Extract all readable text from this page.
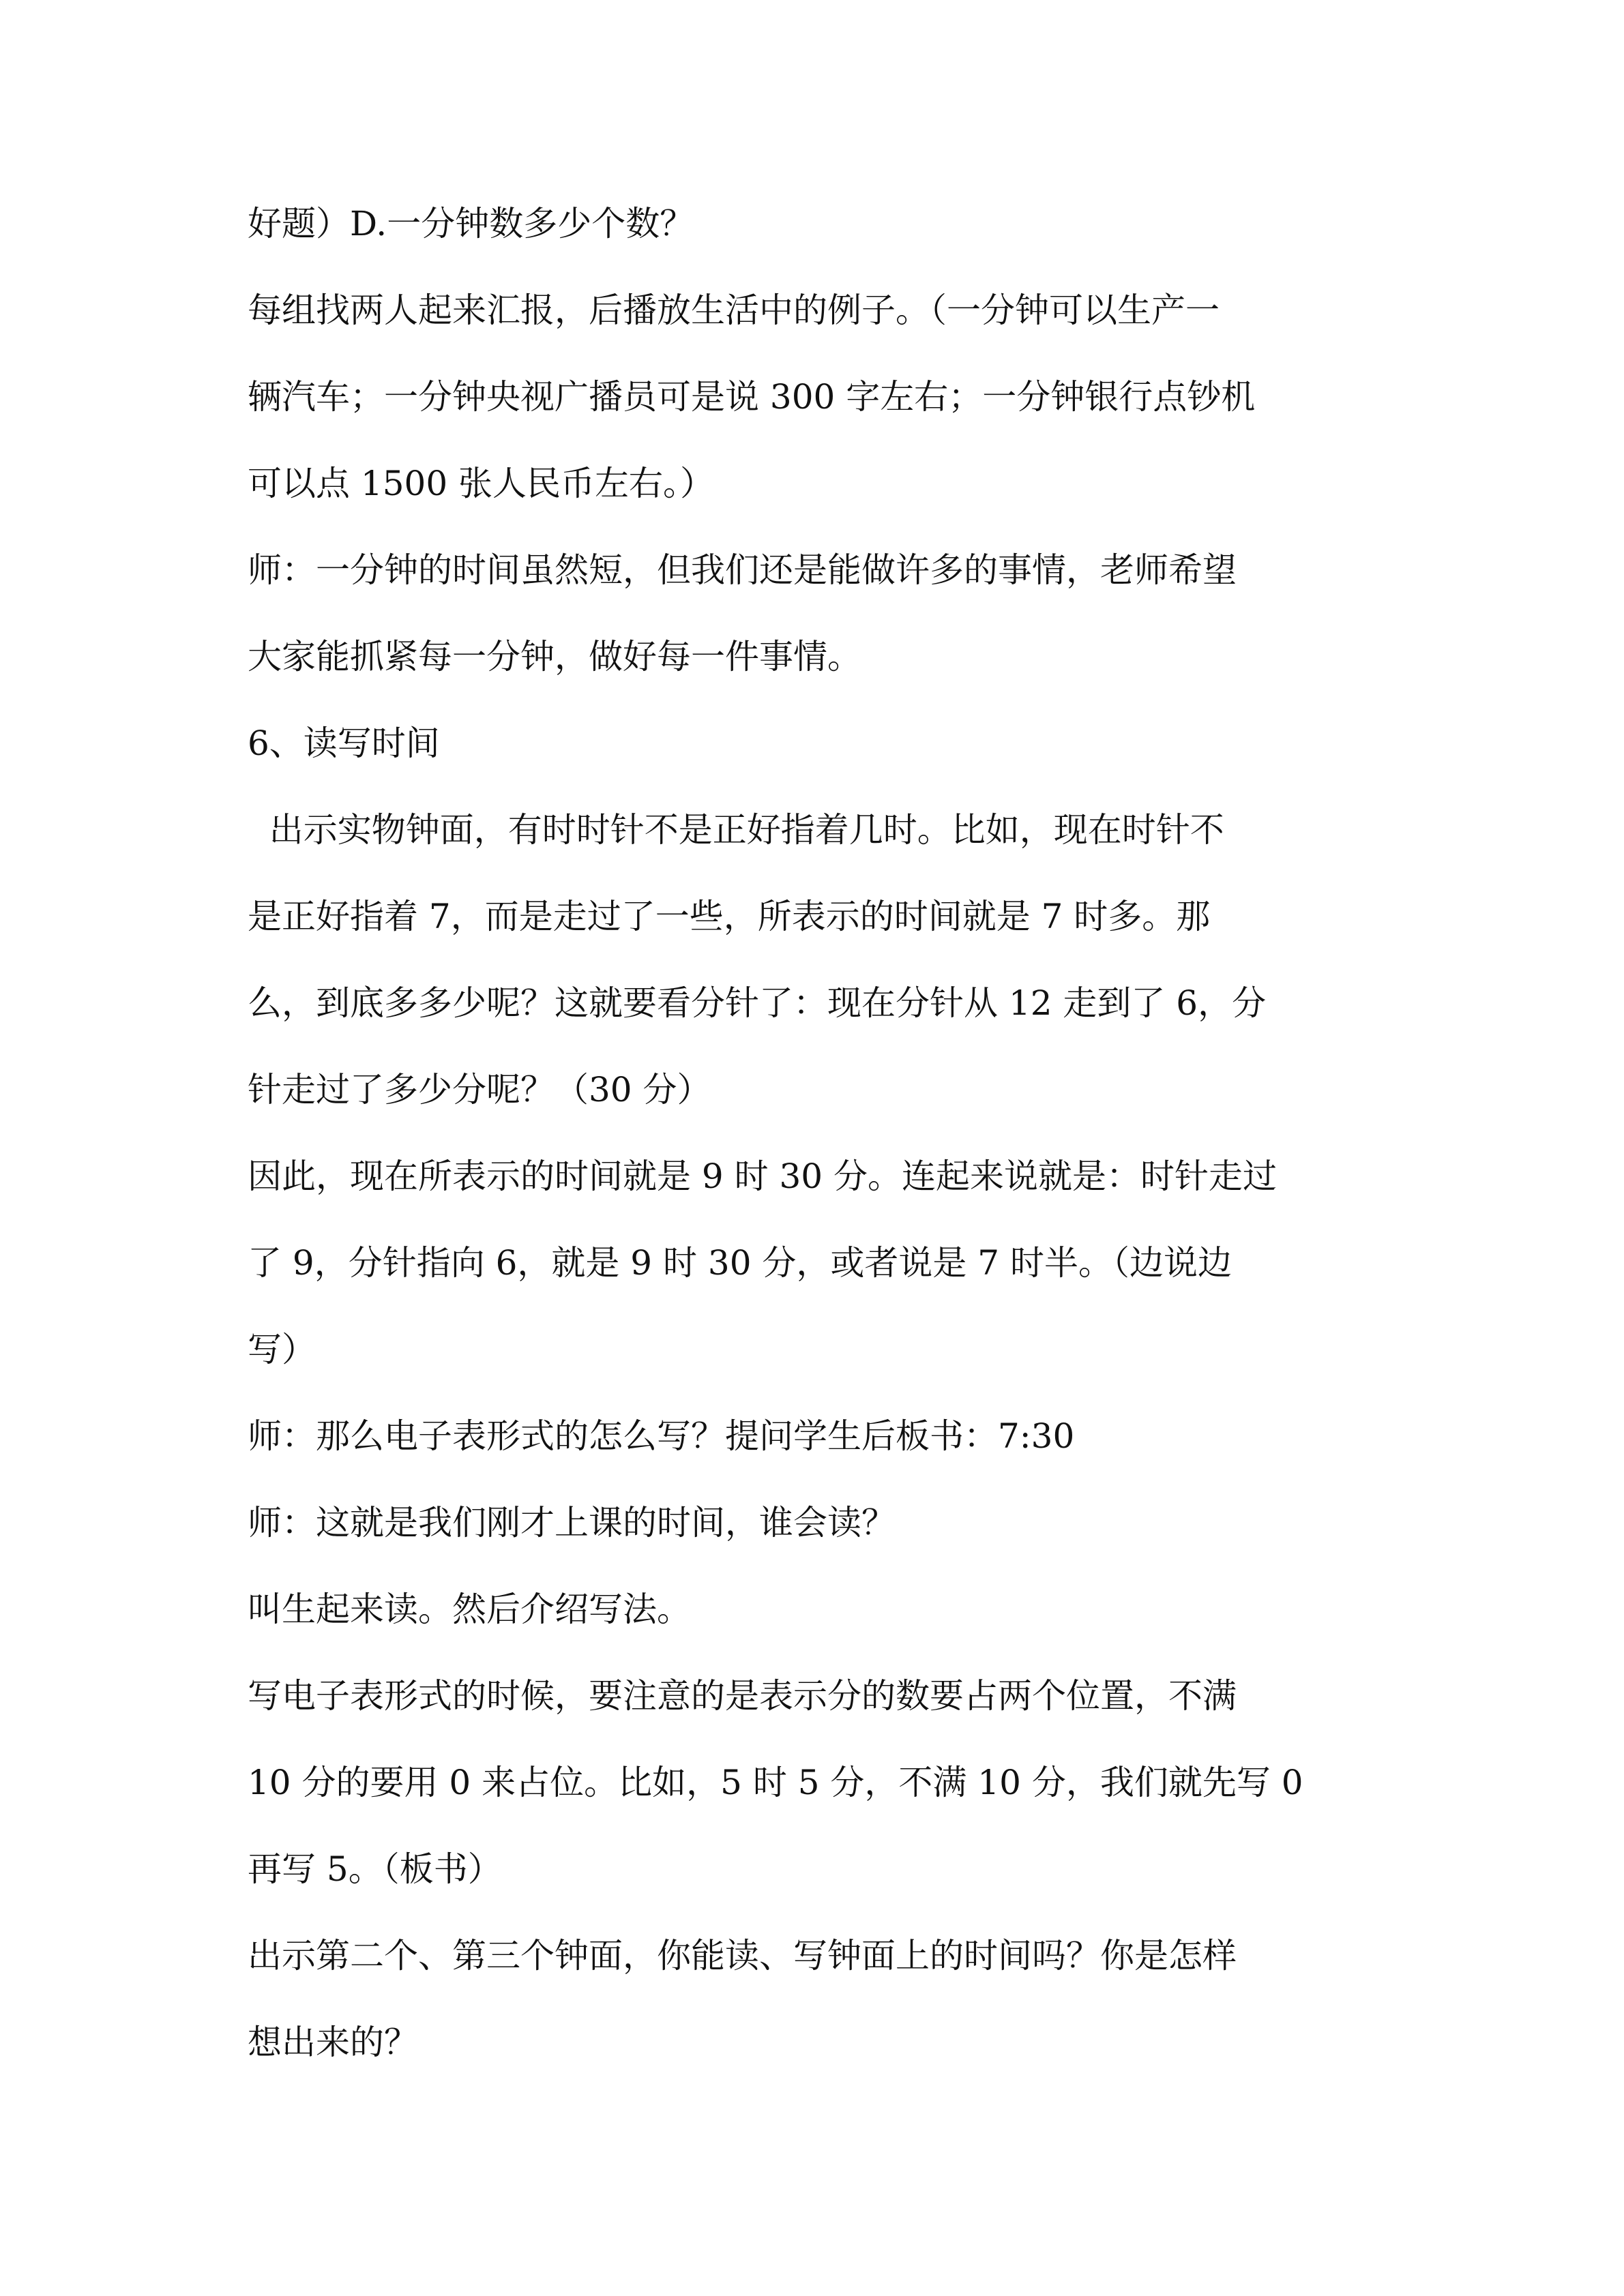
好题）D.一分钟数多少个数？

每组找两人起来汇报，后播放生活中的例子。（一分钟可以生产一

辆汽车；一分钟央视广播员可是说 300 字左右；一分钟银行点钞机

可以点 1500 张人民币左右。）

师：一分钟的时间虽然短，但我们还是能做许多的事情，老师希望

大家能抓紧每一分钟，做好每一件事情。

6、读写时间

出示实物钟面，有时时针不是正好指着几时。比如，现在时针不

是正好指着 7，而是走过了一些，所表示的时间就是 7 时多。那

么，到底多多少呢？这就要看分针了：现在分针从 12 走到了 6，分

针走过了多少分呢？（30 分）

因此，现在所表示的时间就是 9 时 30 分。连起来说就是：时针走过

了 9，分针指向 6，就是 9 时 30 分，或者说是 7 时半。（边说边

写）

师：那么电子表形式的怎么写？提问学生后板书：7:30

师：这就是我们刚才上课的时间，谁会读？

叫生起来读。然后介绍写法。

写电子表形式的时候，要注意的是表示分的数要占两个位置，不满

10 分的要用 0 来占位。比如，5 时 5 分，不满 10 分，我们就先写 0

再写 5。（板书）

出示第二个、第三个钟面，你能读、写钟面上的时间吗？你是怎样

想出来的？
